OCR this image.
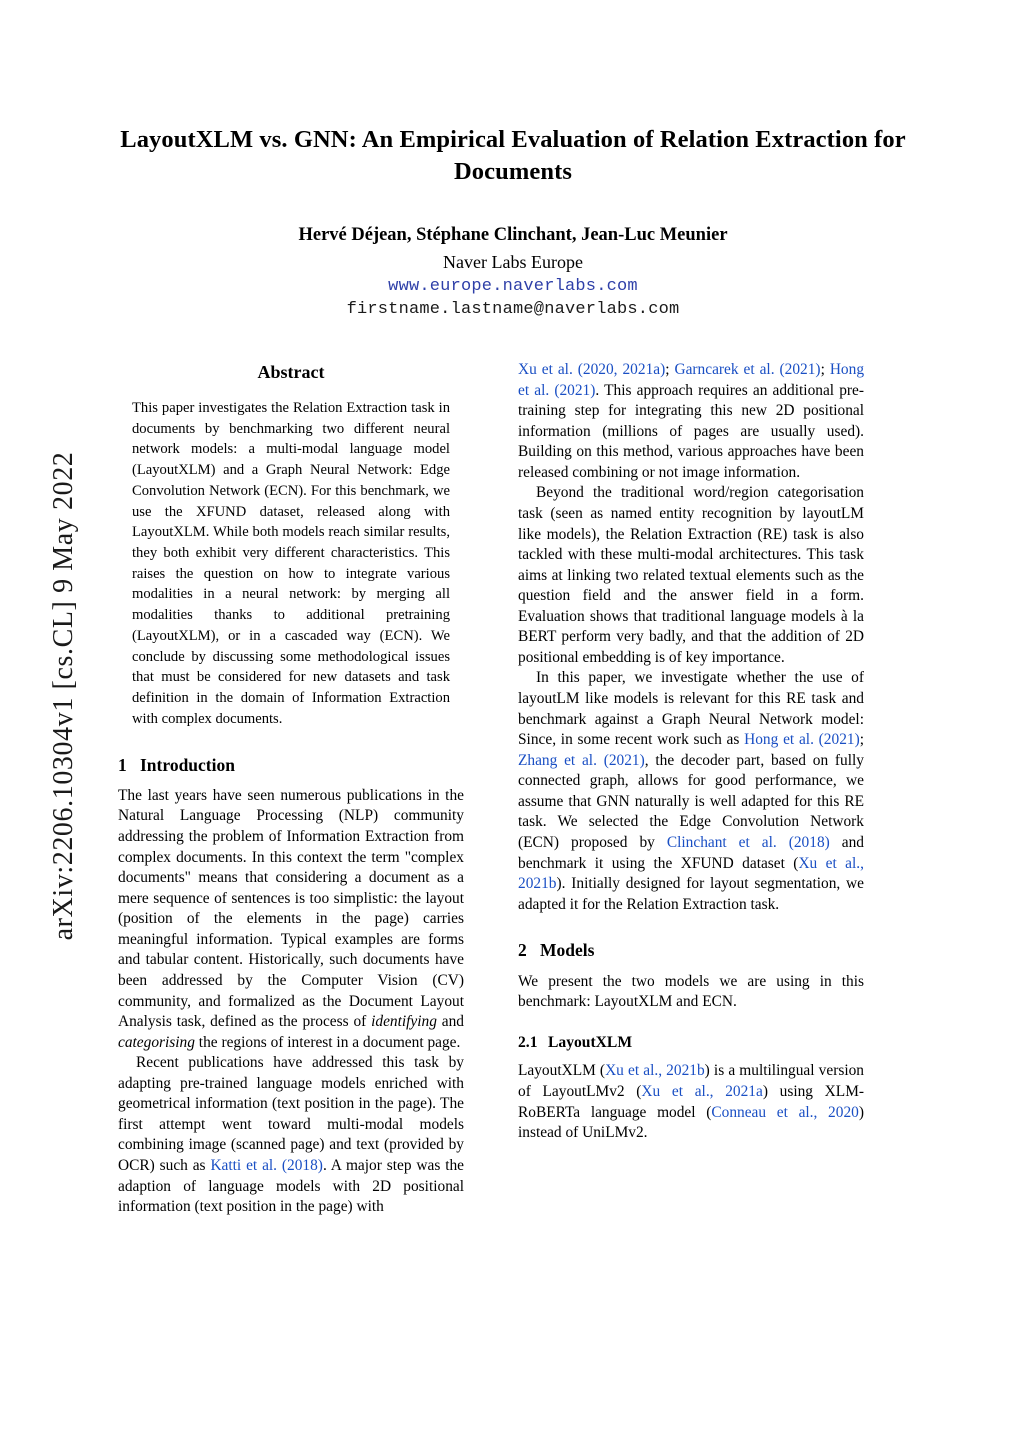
arXiv:2206.10304v1 [cs.CL] 9 May 2022
LayoutXLM vs. GNN: An Empirical Evaluation of Relation Extraction for Documents
Hervé Déjean, Stéphane Clinchant, Jean-Luc Meunier
Naver Labs Europe
www.europe.naverlabs.com
firstname.lastname@naverlabs.com
Abstract

This paper investigates the Relation Extraction task in documents by benchmarking two different neural network models: a multi-modal language model (LayoutXLM) and a Graph Neural Network: Edge Convolution Network (ECN). For this benchmark, we use the XFUND dataset, released along with LayoutXLM. While both models reach similar results, they both exhibit very different characteristics. This raises the question on how to integrate various modalities in a neural network: by merging all modalities thanks to additional pretraining (LayoutXLM), or in a cascaded way (ECN). We conclude by discussing some methodological issues that must be considered for new datasets and task definition in the domain of Information Extraction with complex documents.

1 Introduction

The last years have seen numerous publications in the Natural Language Processing (NLP) community addressing the problem of Information Extraction from complex documents. In this context the term "complex documents" means that considering a document as a mere sequence of sentences is too simplistic: the layout (position of the elements in the page) carries meaningful information. Typical examples are forms and tabular content. Historically, such documents have been addressed by the Computer Vision (CV) community, and formalized as the Document Layout Analysis task, defined as the process of identifying and categorising the regions of interest in a document page.

Recent publications have addressed this task by adapting pre-trained language models enriched with geometrical information (text position in the page). The first attempt went toward multi-modal models combining image (scanned page) and text (provided by OCR) such as Katti et al. (2018). A major step was the adaption of language models with 2D positional information (text position in the page) with

Xu et al. (2020, 2021a); Garncarek et al. (2021); Hong et al. (2021). This approach requires an additional pre-training step for integrating this new 2D positional information (millions of pages are usually used). Building on this method, various approaches have been released combining or not image information.

Beyond the traditional word/region categorisation task (seen as named entity recognition by layoutLM like models), the Relation Extraction (RE) task is also tackled with these multi-modal architectures. This task aims at linking two related textual elements such as the question field and the answer field in a form. Evaluation shows that traditional language models à la BERT perform very badly, and that the addition of 2D positional embedding is of key importance.

In this paper, we investigate whether the use of layoutLM like models is relevant for this RE task and benchmark against a Graph Neural Network model: Since, in some recent work such as Hong et al. (2021); Zhang et al. (2021), the decoder part, based on fully connected graph, allows for good performance, we assume that GNN naturally is well adapted for this RE task. We selected the Edge Convolution Network (ECN) proposed by Clinchant et al. (2018) and benchmark it using the XFUND dataset (Xu et al., 2021b). Initially designed for layout segmentation, we adapted it for the Relation Extraction task.

2 Models

We present the two models we are using in this benchmark: LayoutXLM and ECN.

2.1 LayoutXLM

LayoutXLM (Xu et al., 2021b) is a multilingual version of LayoutLMv2 (Xu et al., 2021a) using XLM-RoBERTa language model (Conneau et al., 2020) instead of UniLMv2.
